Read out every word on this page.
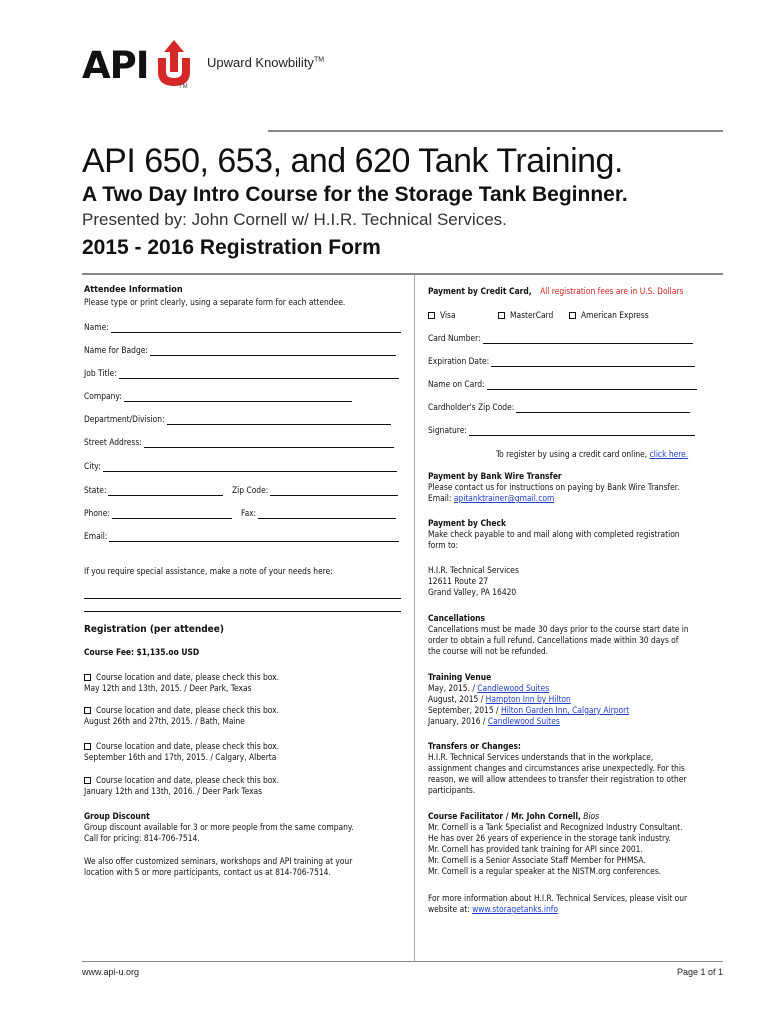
API	Upward Knowbility™
TM
API 650, 653, and 620 Tank Training.
A Two Day Intro Course for the Storage Tank Beginner.
Presented by: John Cornell w/ H.I.R. Technical Services.
2015 - 2016 Registration Form
Attendee Information
Please type or print clearly, using a separate form for each attendee.
Name:
Name for Badge:
Job Title:
Company:
Department/Division:
Street Address:
City:
State:	Zip Code:
Phone:	Fax:
Email:
If you require special assistance, make a note of your needs here:
Registration (per attendee)
Course Fee: $1,135.oo USD
Course location and date, please check this box.
May 12th and 13th, 2015. / Deer Park, Texas
Course location and date, please check this box.
August 26th and 27th, 2015. / Bath, Maine
Course location and date, please check this box.
September 16th and 17th, 2015. / Calgary, Alberta
Course location and date, please check this box.
January 12th and 13th, 2016. / Deer Park Texas
Group Discount
Group discount available for 3 or more people from the same company.
Call for pricing: 814-706-7514.
We also offer customized seminars, workshops and API training at your
location with 5 or more participants, contact us at 814-706-7514.
Payment by Credit Card, All registration fees are in U.S. Dollars
Visa	MasterCard	American Express
Card Number:
Expiration Date:
Name on Card:
Cardholder's Zip Code:
Signature:
To register by using a credit card online, click here.
Payment by Bank Wire Transfer
Please contact us for instructions on paying by Bank Wire Transfer.
Email: apitanktrainer@gmail.com
Payment by Check
Make check payable to and mail along with completed registration
form to:
H.I.R. Technical Services
12611 Route 27
Grand Valley, PA 16420
Cancellations
Cancellations must be made 30 days prior to the course start date in
order to obtain a full refund. Cancellations made within 30 days of
the course will not be refunded.
Training Venue
May, 2015. / Candlewood Suites
August, 2015 / Hampton Inn by Hilton
September, 2015 / Hilton Garden Inn, Calgary Airport
January, 2016 / Candlewood Suites
Transfers or Changes:
H.I.R. Technical Services understands that in the workplace,
assignment changes and circumstances arise unexpectedly. For this
reason, we will allow attendees to transfer their registration to other
participants.
Course Facilitator / Mr. John Cornell, Bios
Mr. Cornell is a Tank Specialist and Recognized Industry Consultant.
He has over 26 years of experience in the storage tank industry.
Mr. Cornell has provided tank training for API since 2001.
Mr. Cornell is a Senior Associate Staff Member for PHMSA.
Mr. Cornell is a regular speaker at the NISTM.org conferences.
For more information about H.I.R. Technical Services, please visit our
website at: www.storagetanks.info
www.api-u.org	Page 1 of 1
